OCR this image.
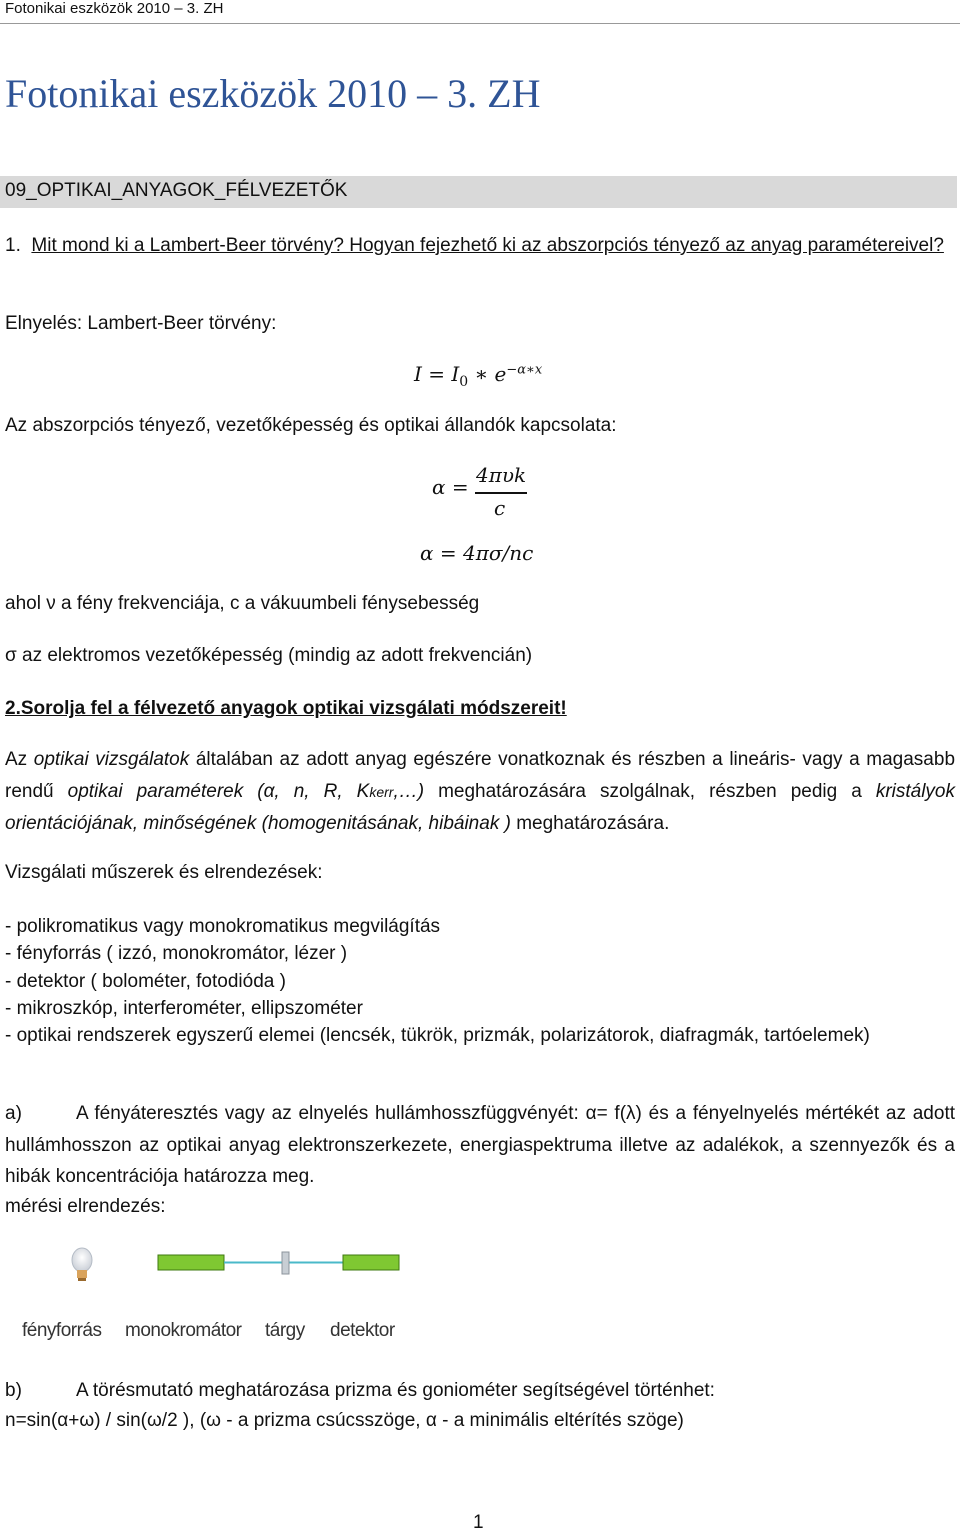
Fotonikai eszközök 2010 – 3. ZH
Fotonikai eszközök 2010 – 3. ZH
09_OPTIKAI_ANYAGOK_FÉLVEZETŐK
1. Mit mond ki a Lambert-Beer törvény? Hogyan fejezhető ki az abszorpciós tényező az anyag paramétereivel?
Elnyelés: Lambert-Beer törvény:
$I = I_0$ ∗ $e^{-\alpha∗x}$
Az abszorpciós tényező, vezetőképesség és optikai állandók kapcsolata:
α = 4πυk
c
α = 4πσ/nc
ahol ν a fény frekvenciája, c a vákuumbeli fénysebesség
σ az elektromos vezetőképesség (mindig az adott frekvencián)
2.Sorolja fel a félvezető anyagok optikai vizsgálati módszereit!
Az optikai vizsgálatok általában az adott anyag egészére vonatkoznak és részben a lineáris- vagy a magasabb rendű optikai paraméterek (α, n, R, Kkerr,…) meghatározására szolgálnak, részben pedig a kristályok orientációjának, minőségének (homogenitásának, hibáinak ) meghatározására.
Vizsgálati műszerek és elrendezések:
- polikromatikus vagy monokromatikus megvilágítás
- fényforrás ( izzó, monokromátor, lézer )
- detektor ( bolométer, fotodióda )
- mikroszkóp, interferométer, ellipszométer
- optikai rendszerek egyszerű elemei (lencsék, tükrök, prizmák, polarizátorok, diafragmák, tartóelemek)
a)	A fényáteresztés vagy az elnyelés hullámhosszfüggvényét: α= f(λ) és a fényelnyelés mértékét az adott hullámhosszon az optikai anyag elektronszerkezete, energiaspektruma illetve az adalékok, a szennyezők és a hibák koncentrációja határozza meg.
mérési elrendezés:
fényforrás monokromátor tárgy detektor
b)	A törésmutató meghatározása prizma és goniométer segítségével történhet:
n=sin(α+ω) / sin(ω/2 ), (ω - a prizma csúcsszöge, α - a minimális eltérítés szöge)
1
